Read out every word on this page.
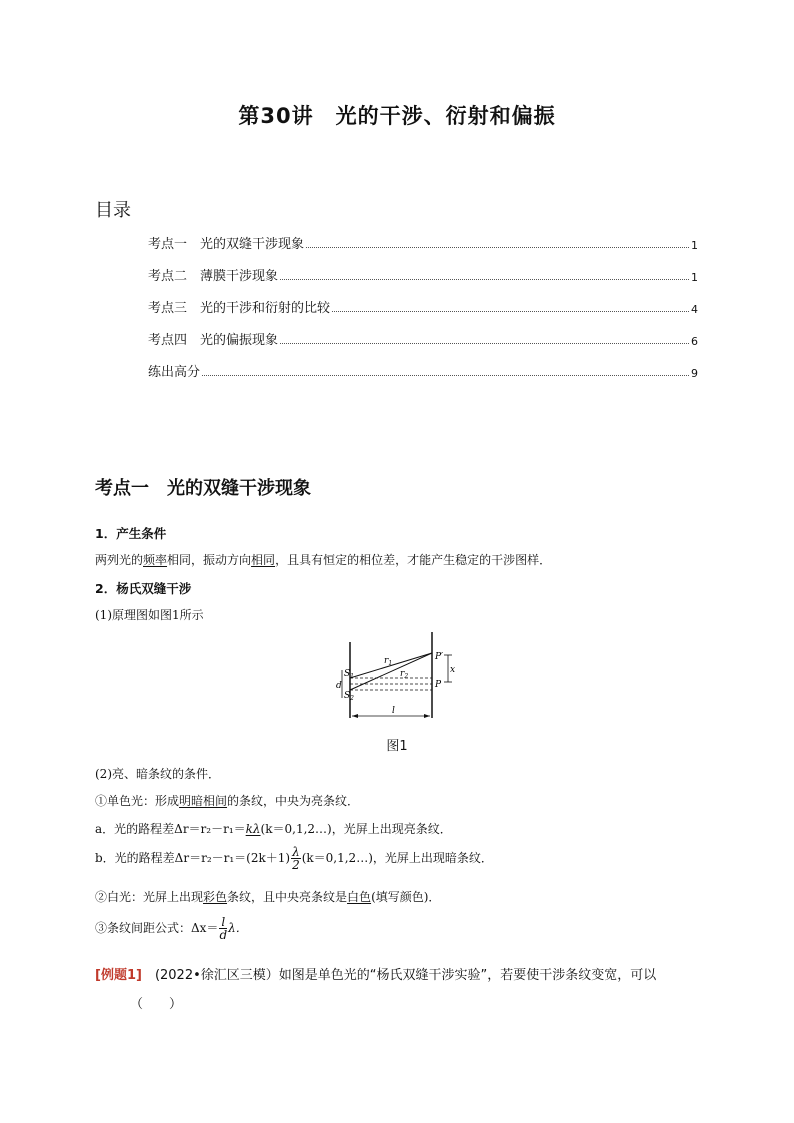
第30讲　光的干涉、衍射和偏振
目录
考点一　光的双缝干涉现象	1
考点二　薄膜干涉现象	1
考点三　光的干涉和衍射的比较	4
考点四　光的偏振现象	6
练出高分	9
考点一　光的双缝干涉现象
1．产生条件
两列光的频率相同，振动方向相同，且具有恒定的相位差，才能产生稳定的干涉图样．
2．杨氏双缝干涉
(1)原理图如图1所示
$S_1$
d
$S_2$
$r_1$
$r_2$
P′
P
x
l
图1
(2)亮、暗条纹的条件．
①单色光：形成明暗相间的条纹，中央为亮条纹．
a．光的路程差Δr＝r₂－r₁＝kλ(k＝0,1,2…)，光屏上出现亮条纹．
b．光的路程差$\Delta r=r_2-r_1=(2k+1) \frac{\lambda}{2}$ (k＝0,1,2…)，光屏上出现暗条纹．
②白光：光屏上出现彩色条纹，且中央亮条纹是白色(填写颜色)．
③条纹间距公式：$\Delta x= \frac{l}{d}$ λ．
[例题1]　(2022•徐汇区三模）如图是单色光的“杨氏双缝干涉实验”，若要使干涉条纹变宽，可以
（　　）
